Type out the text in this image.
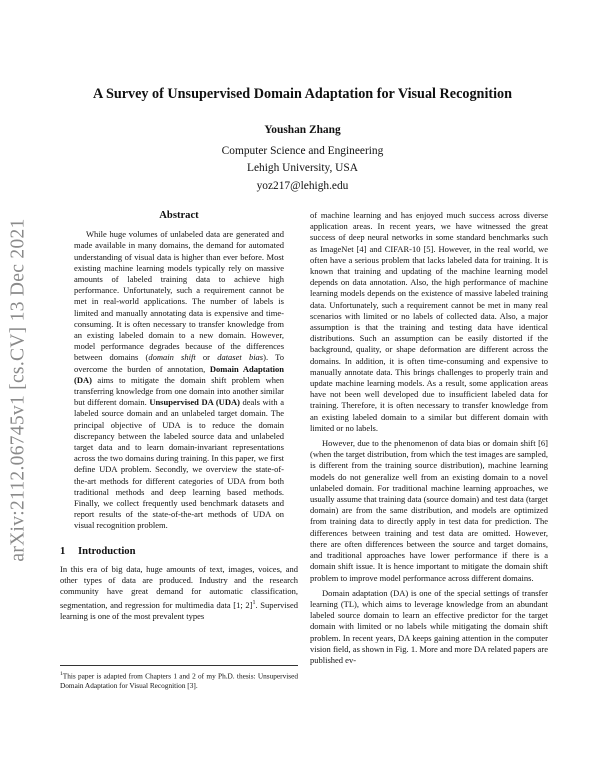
arXiv:2112.06745v1 [cs.CV] 13 Dec 2021
A Survey of Unsupervised Domain Adaptation for Visual Recognition
Youshan Zhang
Computer Science and Engineering
Lehigh University, USA
yoz217@lehigh.edu
Abstract

While huge volumes of unlabeled data are generated and made available in many domains, the demand for automated understanding of visual data is higher than ever before. Most existing machine learning models typically rely on massive amounts of labeled training data to achieve high performance. Unfortunately, such a requirement cannot be met in real-world applications. The number of labels is limited and manually annotating data is expensive and time-consuming. It is often necessary to transfer knowledge from an existing labeled domain to a new domain. However, model performance degrades because of the differences between domains (domain shift or dataset bias). To overcome the burden of annotation, Domain Adaptation (DA) aims to mitigate the domain shift problem when transferring knowledge from one domain into another similar but different domain. Unsupervised DA (UDA) deals with a labeled source domain and an unlabeled target domain. The principal objective of UDA is to reduce the domain discrepancy between the labeled source data and unlabeled target data and to learn domain-invariant representations across the two domains during training. In this paper, we first define UDA problem. Secondly, we overview the state-of-the-art methods for different categories of UDA from both traditional methods and deep learning based methods. Finally, we collect frequently used benchmark datasets and report results of the state-of-the-art methods of UDA on visual recognition problem.

1 Introduction

In this era of big data, huge amounts of text, images, voices, and other types of data are produced. Industry and the research community have great demand for automatic classification, segmentation, and regression for multimedia data [1; 2]$^1$. Supervised learning is one of the most prevalent types

$^1$This paper is adapted from Chapters 1 and 2 of my Ph.D. thesis: Unsupervised Domain Adaptation for Visual Recognition [3].

of machine learning and has enjoyed much success across diverse application areas. In recent years, we have witnessed the great success of deep neural networks in some standard benchmarks such as ImageNet [4] and CIFAR-10 [5]. However, in the real world, we often have a serious problem that lacks labeled data for training. It is known that training and updating of the machine learning model depends on data annotation. Also, the high performance of machine learning models depends on the existence of massive labeled training data. Unfortunately, such a requirement cannot be met in many real scenarios with limited or no labels of collected data. Also, a major assumption is that the training and testing data have identical distributions. Such an assumption can be easily distorted if the background, quality, or shape deformation are different across the domains. In addition, it is often time-consuming and expensive to manually annotate data. This brings challenges to properly train and update machine learning models. As a result, some application areas have not been well developed due to insufficient labeled data for training. Therefore, it is often necessary to transfer knowledge from an existing labeled domain to a similar but different domain with limited or no labels.

However, due to the phenomenon of data bias or domain shift [6] (when the target distribution, from which the test images are sampled, is different from the training source distribution), machine learning models do not generalize well from an existing domain to a novel unlabeled domain. For traditional machine learning approaches, we usually assume that training data (source domain) and test data (target domain) are from the same distribution, and models are optimized from training data to directly apply in test data for prediction. The differences between training and test data are omitted. However, there are often differences between the source and target domains, and traditional approaches have lower performance if there is a domain shift issue. It is hence important to mitigate the domain shift problem to improve model performance across different domains.

Domain adaptation (DA) is one of the special settings of transfer learning (TL), which aims to leverage knowledge from an abundant labeled source domain to learn an effective predictor for the target domain with limited or no labels while mitigating the domain shift problem. In recent years, DA keeps gaining attention in the computer vision field, as shown in Fig. 1. More and more DA related papers are published ev-
